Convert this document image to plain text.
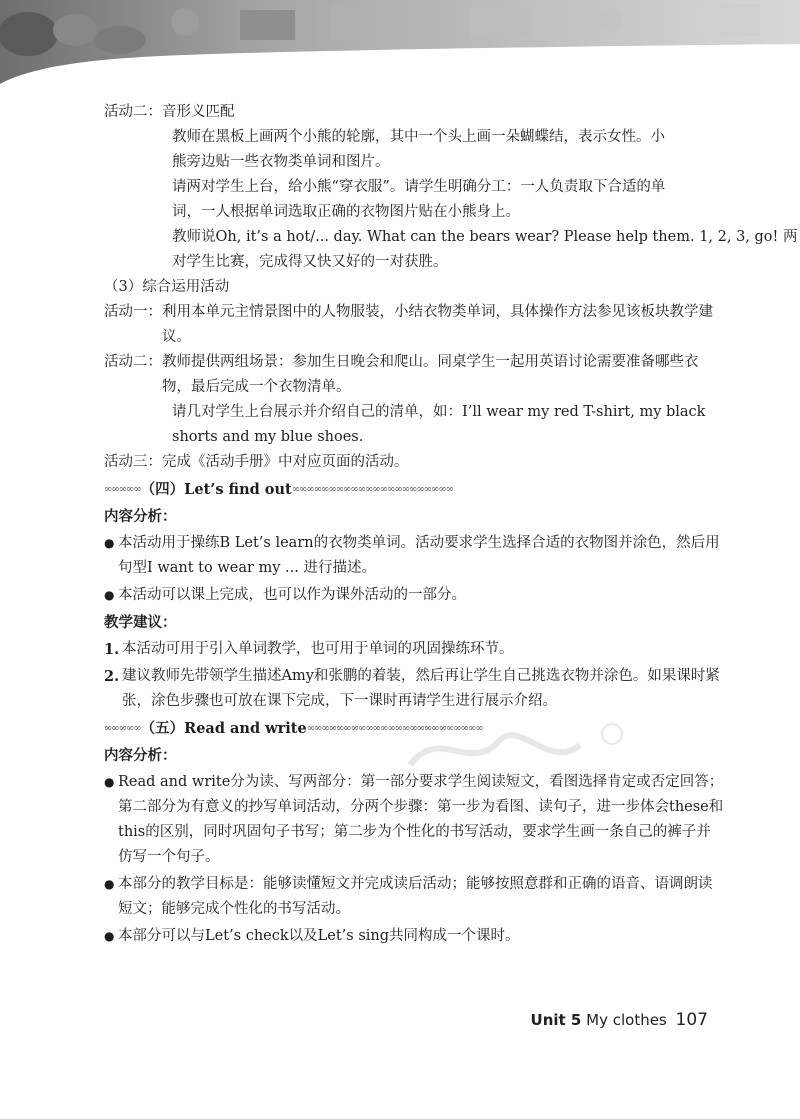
活动二：音形义匹配
教师在黑板上画两个小熊的轮廓，其中一个头上画一朵蝴蝶结，表示女性。小
熊旁边贴一些衣物类单词和图片。
请两对学生上台，给小熊“穿衣服”。请学生明确分工：一人负责取下合适的单
词，一人根据单词选取正确的衣物图片贴在小熊身上。
教师说Oh, it’s a hot/... day. What can the bears wear? Please help them. 1, 2, 3, go! 两
对学生比赛，完成得又快又好的一对获胜。
（3）综合运用活动
活动一： 利用本单元主情景图中的人物服装，小结衣物类单词，具体操作方法参见该板块教学建议。
活动二： 教师提供两组场景：参加生日晚会和爬山。同桌学生一起用英语讨论需要准备哪些衣物，最后完成一个衣物清单。
请几对学生上台展示并介绍自己的清单，如：I’ll wear my red T-shirt, my black
shorts and my blue shoes.
活动三：完成《活动手册》中对应页面的活动。
∞∞∞∞∞ （四）Let’s find out ∞∞∞∞∞∞∞∞∞∞∞∞∞∞∞∞∞∞∞∞∞∞
内容分析：
● 本活动用于操练B Let’s learn的衣物类单词。活动要求学生选择合适的衣物图并涂色，然后用句型I want to wear my ... 进行描述。
● 本活动可以课上完成，也可以作为课外活动的一部分。
教学建议：
1. 本活动可用于引入单词教学，也可用于单词的巩固操练环节。
2. 建议教师先带领学生描述Amy和张鹏的着装，然后再让学生自己挑选衣物并涂色。如果课时紧张，涂色步骤也可放在课下完成，下一课时再请学生进行展示介绍。
∞∞∞∞∞ （五）Read and write ∞∞∞∞∞∞∞∞∞∞∞∞∞∞∞∞∞∞∞∞∞∞∞∞
内容分析：
● Read and write分为读、写两部分：第一部分要求学生阅读短文，看图选择肯定或否定回答；第二部分为有意义的抄写单词活动，分两个步骤：第一步为看图、读句子，进一步体会these和this的区别，同时巩固句子书写；第二步为个性化的书写活动，要求学生画一条自己的裤子并仿写一个句子。
● 本部分的教学目标是：能够读懂短文并完成读后活动；能够按照意群和正确的语音、语调朗读短文；能够完成个性化的书写活动。
● 本部分可以与Let’s check以及Let’s sing共同构成一个课时。
Unit 5 My clothes 107
